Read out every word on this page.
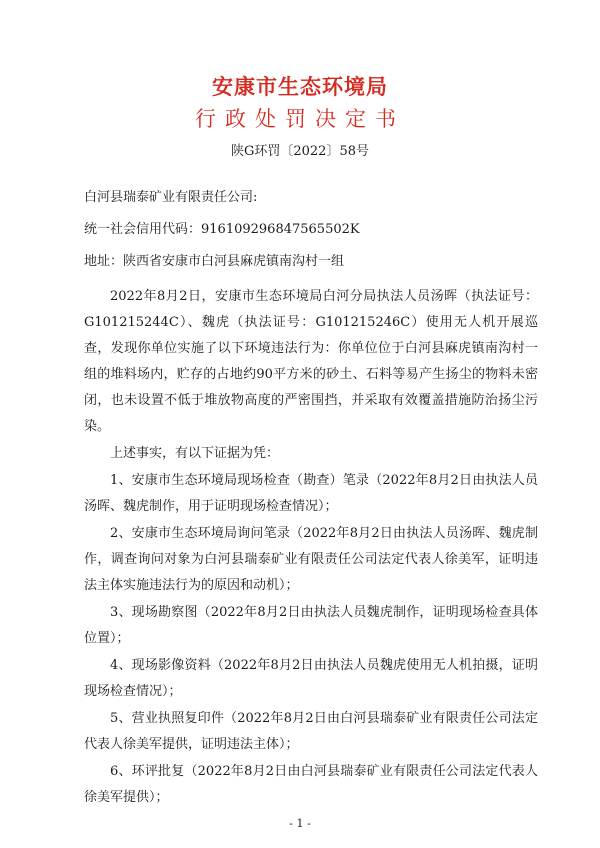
安康市生态环境局
行政处罚决定书
陕G环罚〔2022〕58号

白河县瑞泰矿业有限责任公司:

统一社会信用代码：916109296847565502K

地址：陕西省安康市白河县麻虎镇南沟村一组

2022年8月2日，安康市生态环境局白河分局执法人员汤晖（执法证号：G101215244C）、魏虎（执法证号：G101215246C）使用无人机开展巡查，发现你单位实施了以下环境违法行为：你单位位于白河县麻虎镇南沟村一组的堆料场内，贮存的占地约90平方米的砂土、石料等易产生扬尘的物料未密闭，也未设置不低于堆放物高度的严密围挡，并采取有效覆盖措施防治扬尘污染。

上述事实，有以下证据为凭：

1、安康市生态环境局现场检查（勘查）笔录（2022年8月2日由执法人员汤晖、魏虎制作，用于证明现场检查情况）；

2、安康市生态环境局询问笔录（2022年8月2日由执法人员汤晖、魏虎制作，调查询问对象为白河县瑞泰矿业有限责任公司法定代表人徐美军，证明违法主体实施违法行为的原因和动机）；

3、现场勘察图（2022年8月2日由执法人员魏虎制作，证明现场检查具体位置）；

4、现场影像资料（2022年8月2日由执法人员魏虎使用无人机拍摄，证明现场检查情况）；

5、营业执照复印件（2022年8月2日由白河县瑞泰矿业有限责任公司法定代表人徐美军提供，证明违法主体）；

6、环评批复（2022年8月2日由白河县瑞泰矿业有限责任公司法定代表人徐美军提供）；

- 1 -
